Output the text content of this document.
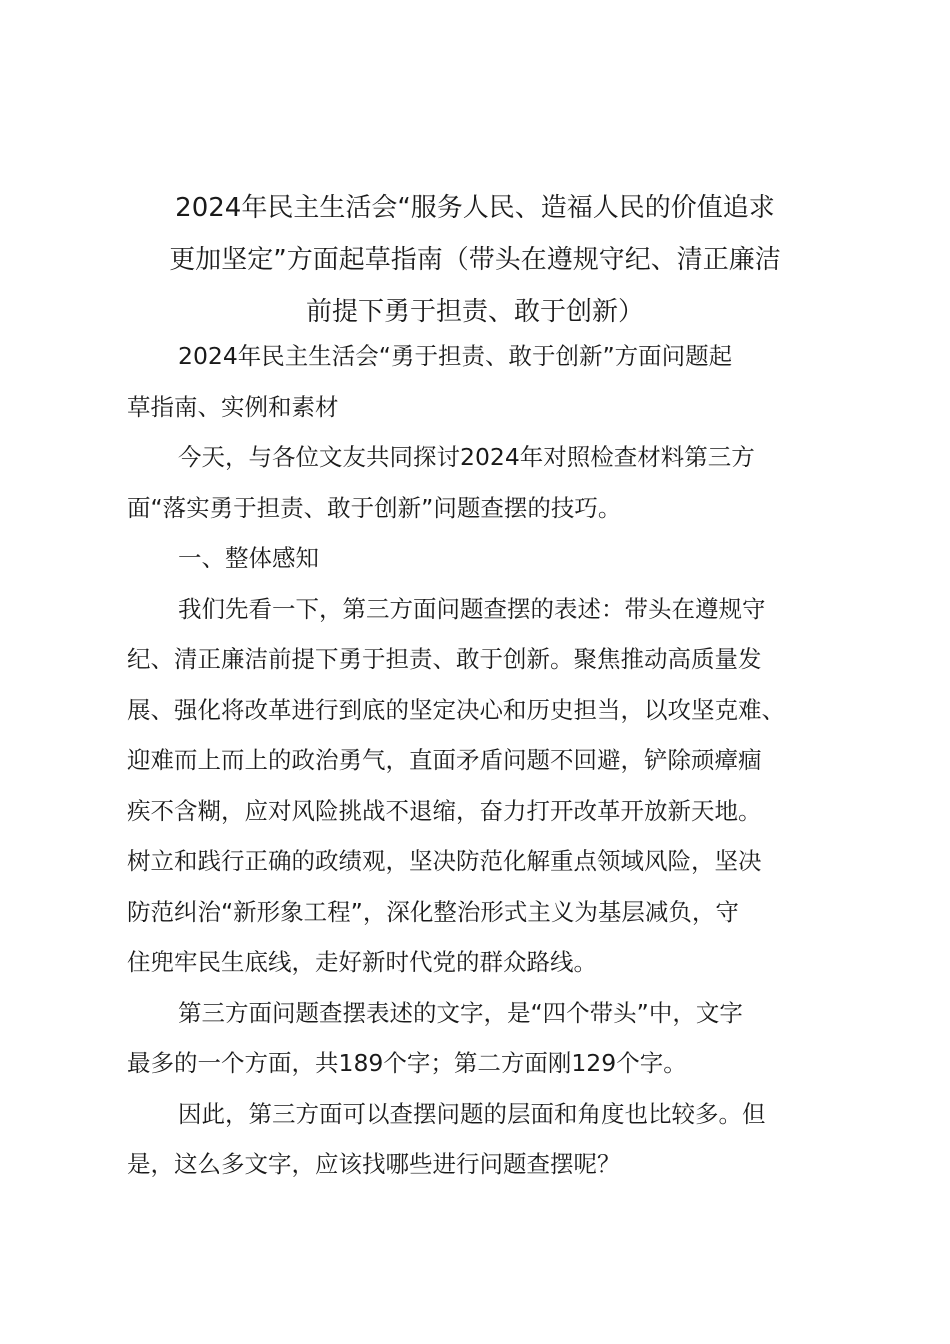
2024年民主生活会“服务人民、造福人民的价值追求
更加坚定”方面起草指南（带头在遵规守纪、清正廉洁
前提下勇于担责、敢于创新）

2024年民主生活会“勇于担责、敢于创新”方面问题起
草指南、实例和素材

今天，与各位文友共同探讨2024年对照检查材料第三方
面“落实勇于担责、敢于创新”问题查摆的技巧。

一、整体感知

我们先看一下，第三方面问题查摆的表述：带头在遵规守
纪、清正廉洁前提下勇于担责、敢于创新。聚焦推动高质量发
展、强化将改革进行到底的坚定决心和历史担当，以攻坚克难、
迎难而上而上的政治勇气，直面矛盾问题不回避，铲除顽瘴痼
疾不含糊，应对风险挑战不退缩，奋力打开改革开放新天地。
树立和践行正确的政绩观，坚决防范化解重点领域风险，坚决
防范纠治“新形象工程”，深化整治形式主义为基层减负，守
住兜牢民生底线，走好新时代党的群众路线。

第三方面问题查摆表述的文字，是“四个带头”中，文字
最多的一个方面，共189个字；第二方面刚129个字。

因此，第三方面可以查摆问题的层面和角度也比较多。但
是，这么多文字，应该找哪些进行问题查摆呢？
